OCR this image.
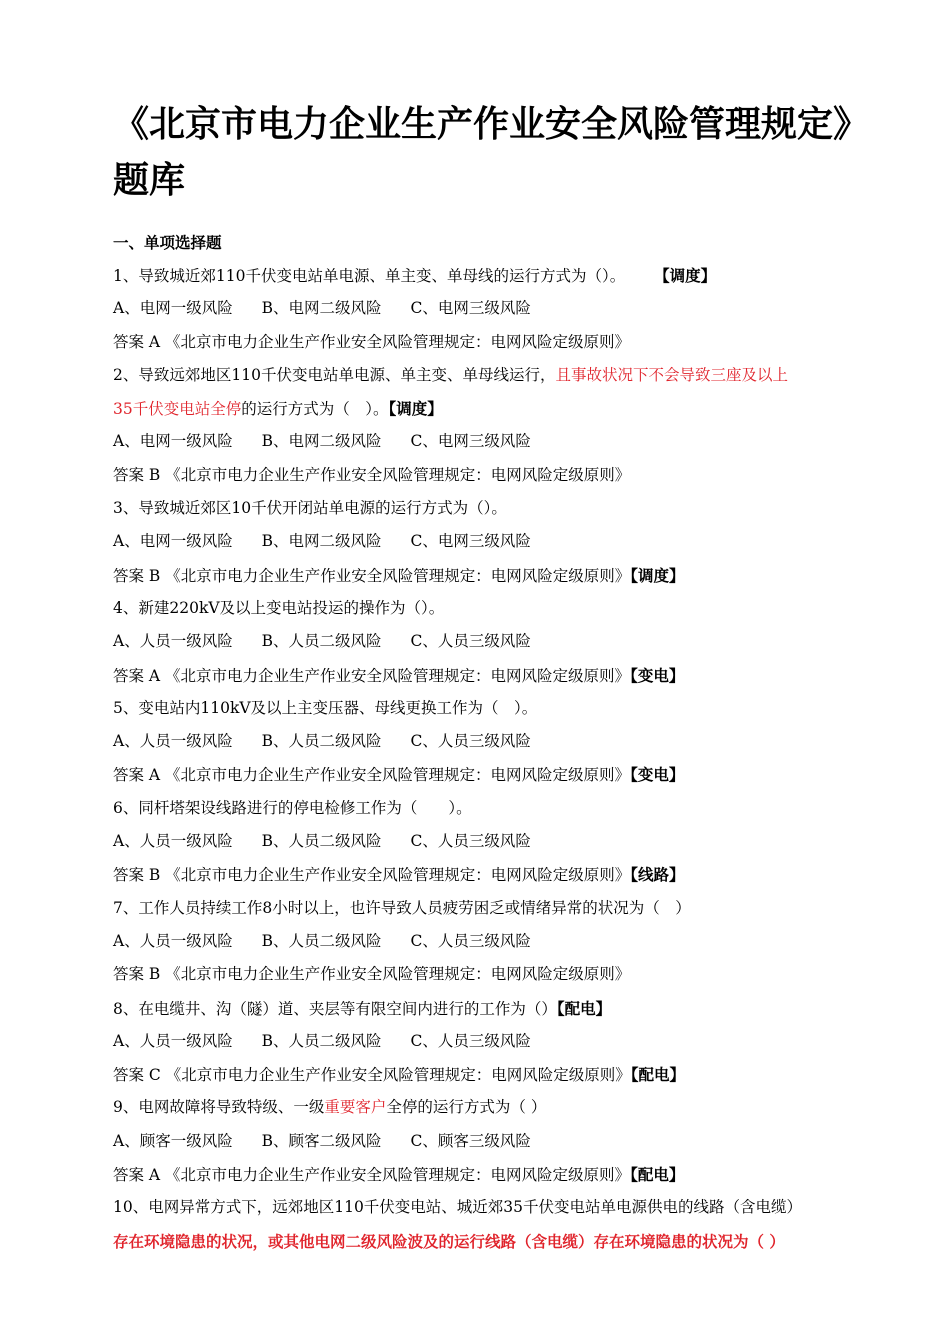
《北京市电力企业生产作业安全风险管理规定》题库
一、单项选择题
1、导致城近郊110千伏变电站单电源、单主变、单母线的运行方式为（）。 【调度】
A、电网一级风险 B、电网二级风险 C、电网三级风险
答案 A 《北京市电力企业生产作业安全风险管理规定：电网风险定级原则》
2、导致远郊地区110千伏变电站单电源、单主变、单母线运行，且事故状况下不会导致三座及以上
35千伏变电站全停的运行方式为（　）。【调度】
A、电网一级风险 B、电网二级风险 C、电网三级风险
答案 B 《北京市电力企业生产作业安全风险管理规定：电网风险定级原则》
3、导致城近郊区10千伏开闭站单电源的运行方式为（）。
A、电网一级风险 B、电网二级风险 C、电网三级风险
答案 B 《北京市电力企业生产作业安全风险管理规定：电网风险定级原则》【调度】
4、新建220kV及以上变电站投运的操作为（）。
A、人员一级风险 B、人员二级风险 C、人员三级风险
答案 A 《北京市电力企业生产作业安全风险管理规定：电网风险定级原则》【变电】
5、变电站内110kV及以上主变压器、母线更换工作为（　）。
A、人员一级风险 B、人员二级风险 C、人员三级风险
答案 A 《北京市电力企业生产作业安全风险管理规定：电网风险定级原则》【变电】
6、同杆塔架设线路进行的停电检修工作为（　　）。
A、人员一级风险 B、人员二级风险 C、人员三级风险
答案 B 《北京市电力企业生产作业安全风险管理规定：电网风险定级原则》【线路】
7、工作人员持续工作8小时以上，也许导致人员疲劳困乏或情绪异常的状况为（　）
A、人员一级风险 B、人员二级风险 C、人员三级风险
答案 B 《北京市电力企业生产作业安全风险管理规定：电网风险定级原则》
8、在电缆井、沟（隧）道、夹层等有限空间内进行的工作为（）【配电】
A、人员一级风险 B、人员二级风险 C、人员三级风险
答案 C 《北京市电力企业生产作业安全风险管理规定：电网风险定级原则》【配电】
9、电网故障将导致特级、一级重要客户全停的运行方式为（ ）
A、顾客一级风险 B、顾客二级风险 C、顾客三级风险
答案 A 《北京市电力企业生产作业安全风险管理规定：电网风险定级原则》【配电】
10、电网异常方式下，远郊地区110千伏变电站、城近郊35千伏变电站单电源供电的线路（含电缆）
存在环境隐患的状况，或其他电网二级风险波及的运行线路（含电缆）存在环境隐患的状况为（ ）
